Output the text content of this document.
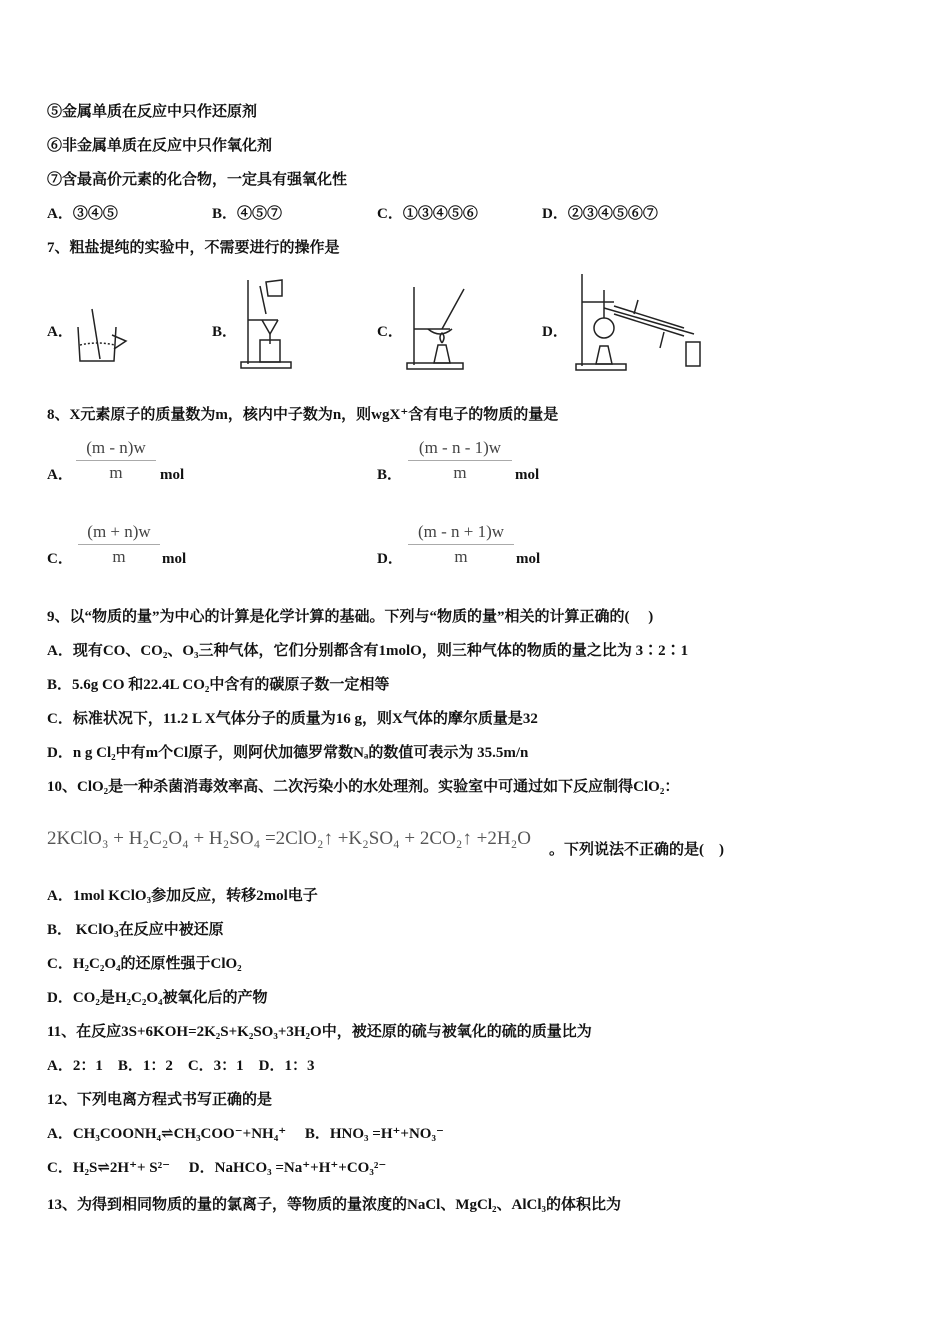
⑤金属单质在反应中只作还原剂
⑥非金属单质在反应中只作氧化剂
⑦含最高价元素的化合物，一定具有强氧化性
A．③④⑤	B．④⑤⑦	C．①③④⑤⑥	D．②③④⑤⑥⑦
7、粗盐提纯的实验中，不需要进行的操作是
A．	B．	C．	D．
8、X元素原子的质量数为m，核内中子数为n，则wgX⁺含有电子的物质的量是
A． $\frac{(m - n)w}{m}$ mol	B． $\frac{(m - n - 1)w}{m}$ mol
C． $\frac{(m + n)w}{m}$ mol	D． $\frac{(m - n + 1)w}{m}$ mol
9、以“物质的量”为中心的计算是化学计算的基础。下列与“物质的量”相关的计算正确的(　 )
A．现有CO、CO₂、O₃三种气体，它们分别都含有1molO，则三种气体的物质的量之比为 3∶2∶1
B．5.6g CO 和22.4L CO₂中含有的碳原子数一定相等
C．标准状况下，11.2 L X气体分子的质量为16 g，则X气体的摩尔质量是32
D．n g Cl₂中有m个Cl原子，则阿伏加德罗常数Nₐ的数值可表示为 35.5m/n
10、ClO₂是一种杀菌消毒效率高、二次污染小的水处理剂。实验室中可通过如下反应制得ClO₂：
2KClO₃ + H₂C₂O₄ + H₂SO₄ =2ClO₂↑ +K₂SO₄ + 2CO₂↑ +2H₂O
。下列说法不正确的是(　)
A．1mol KClO₃参加反应，转移2mol电子
B． KClO₃在反应中被还原
C．H₂C₂O₄的还原性强于ClO₂
D．CO₂是H₂C₂O₄被氧化后的产物
11、在反应3S+6KOH=2K₂S+K₂SO₃+3H₂O中，被还原的硫与被氧化的硫的质量比为
A．2：1　B．1：2　C．3：1　D．1：3
12、下列电离方程式书写正确的是
A．CH₃COONH₄⇌CH₃COO⁻+NH₄⁺　 B．HNO₃ =H⁺+NO₃⁻
C．H₂S⇌2H⁺+ S²⁻　 D．NaHCO₃ =Na⁺+H⁺+CO₃²⁻
13、为得到相同物质的量的氯离子，等物质的量浓度的NaCl、MgCl₂、AlCl₃的体积比为
